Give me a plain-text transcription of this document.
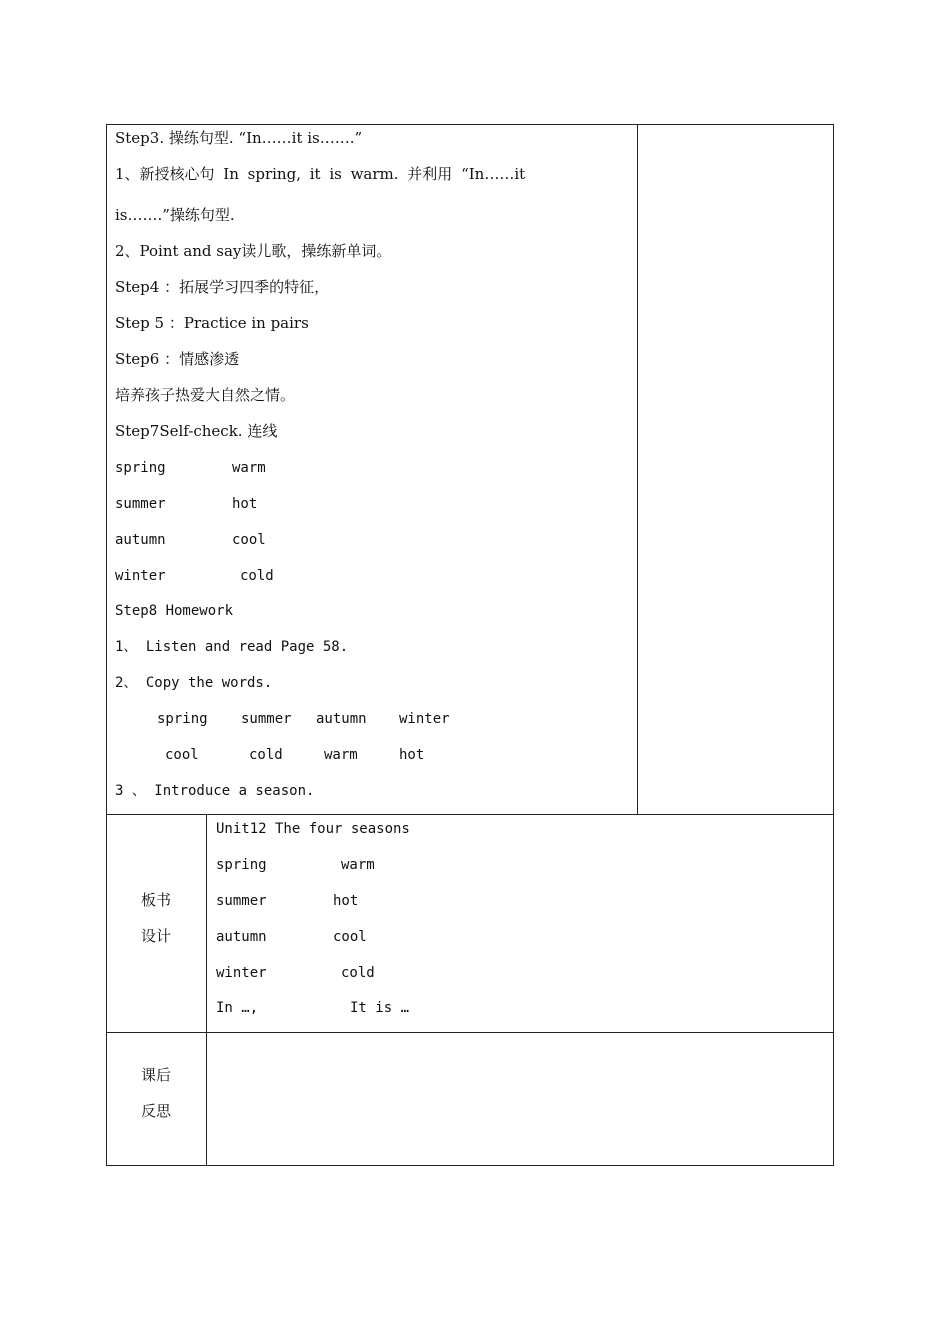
Step3. 操练句型. “In……it is…….”
1、新授核心句 In spring, it is warm. 并利用 “In……it
is…….”操练句型.
2、Point and say读儿歌，操练新单词。
Step4 ：拓展学习四季的特征，
Step 5 ：Practice in pairs
Step6 ：情感渗透
培养孩子热爱大自然之情。
Step7Self-check. 连线
spring	warm
summer	hot
autumn	cool
winter	cold
Step8 Homework
1、 Listen and read Page 58.
2、 Copy the words.
spring summer autumn winter
cool	cold	warm	hot
3 、 Introduce a season.
板书
设计
Unit12 The four seasons
spring	warm
summer	hot
autumn	cool
winter	cold
In …,	It is …
课后
反思
